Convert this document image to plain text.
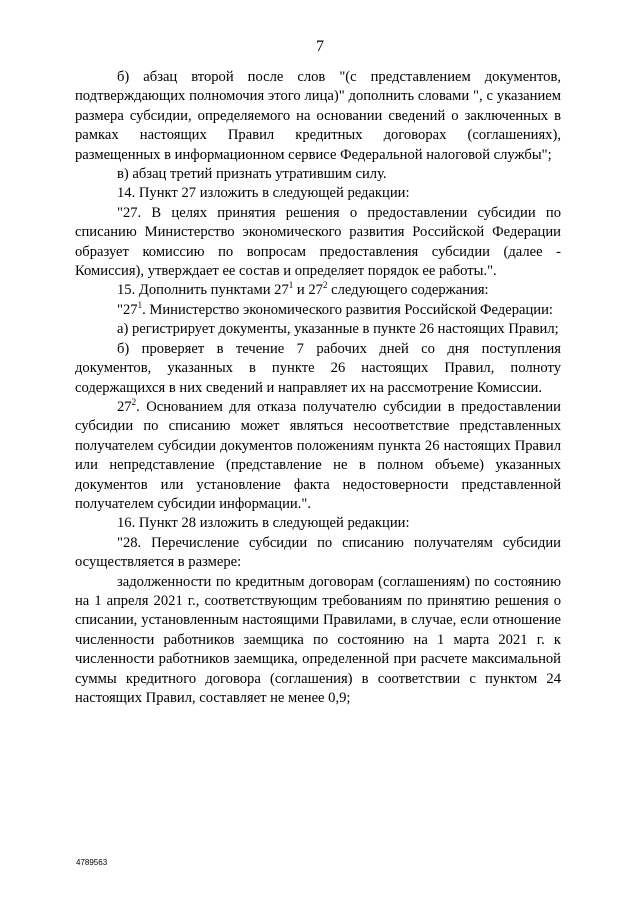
7

б) абзац второй после слов "(с представлением документов, подтверждающих полномочия этого лица)" дополнить словами ", с указанием размера субсидии, определяемого на основании сведений о заключенных в рамках настоящих Правил кредитных договорах (соглашениях), размещенных в информационном сервисе Федеральной налоговой службы";

в) абзац третий признать утратившим силу.

14. Пункт 27 изложить в следующей редакции:

"27. В целях принятия решения о предоставлении субсидии по списанию Министерство экономического развития Российской Федерации образует комиссию по вопросам предоставления субсидии (далее - Комиссия), утверждает ее состав и определяет порядок ее работы.".

15. Дополнить пунктами $27^1$ и $27^2$ следующего содержания:

"$27^1$. Министерство экономического развития Российской Федерации:

а) регистрирует документы, указанные в пункте 26 настоящих Правил;

б) проверяет в течение 7 рабочих дней со дня поступления документов, указанных в пункте 26 настоящих Правил, полноту содержащихся в них сведений и направляет их на рассмотрение Комиссии.

$27^2$. Основанием для отказа получателю субсидии в предоставлении субсидии по списанию может являться несоответствие представленных получателем субсидии документов положениям пункта 26 настоящих Правил или непредставление (представление не в полном объеме) указанных документов или установление факта недостоверности представленной получателем субсидии информации.".

16. Пункт 28 изложить в следующей редакции:

"28. Перечисление субсидии по списанию получателям субсидии осуществляется в размере:

задолженности по кредитным договорам (соглашениям) по состоянию на 1 апреля 2021 г., соответствующим требованиям по принятию решения о списании, установленным настоящими Правилами, в случае, если отношение численности работников заемщика по состоянию на 1 марта 2021 г. к численности работников заемщика, определенной при расчете максимальной суммы кредитного договора (соглашения) в соответствии с пунктом 24 настоящих Правил, составляет не менее 0,9;

4789563
